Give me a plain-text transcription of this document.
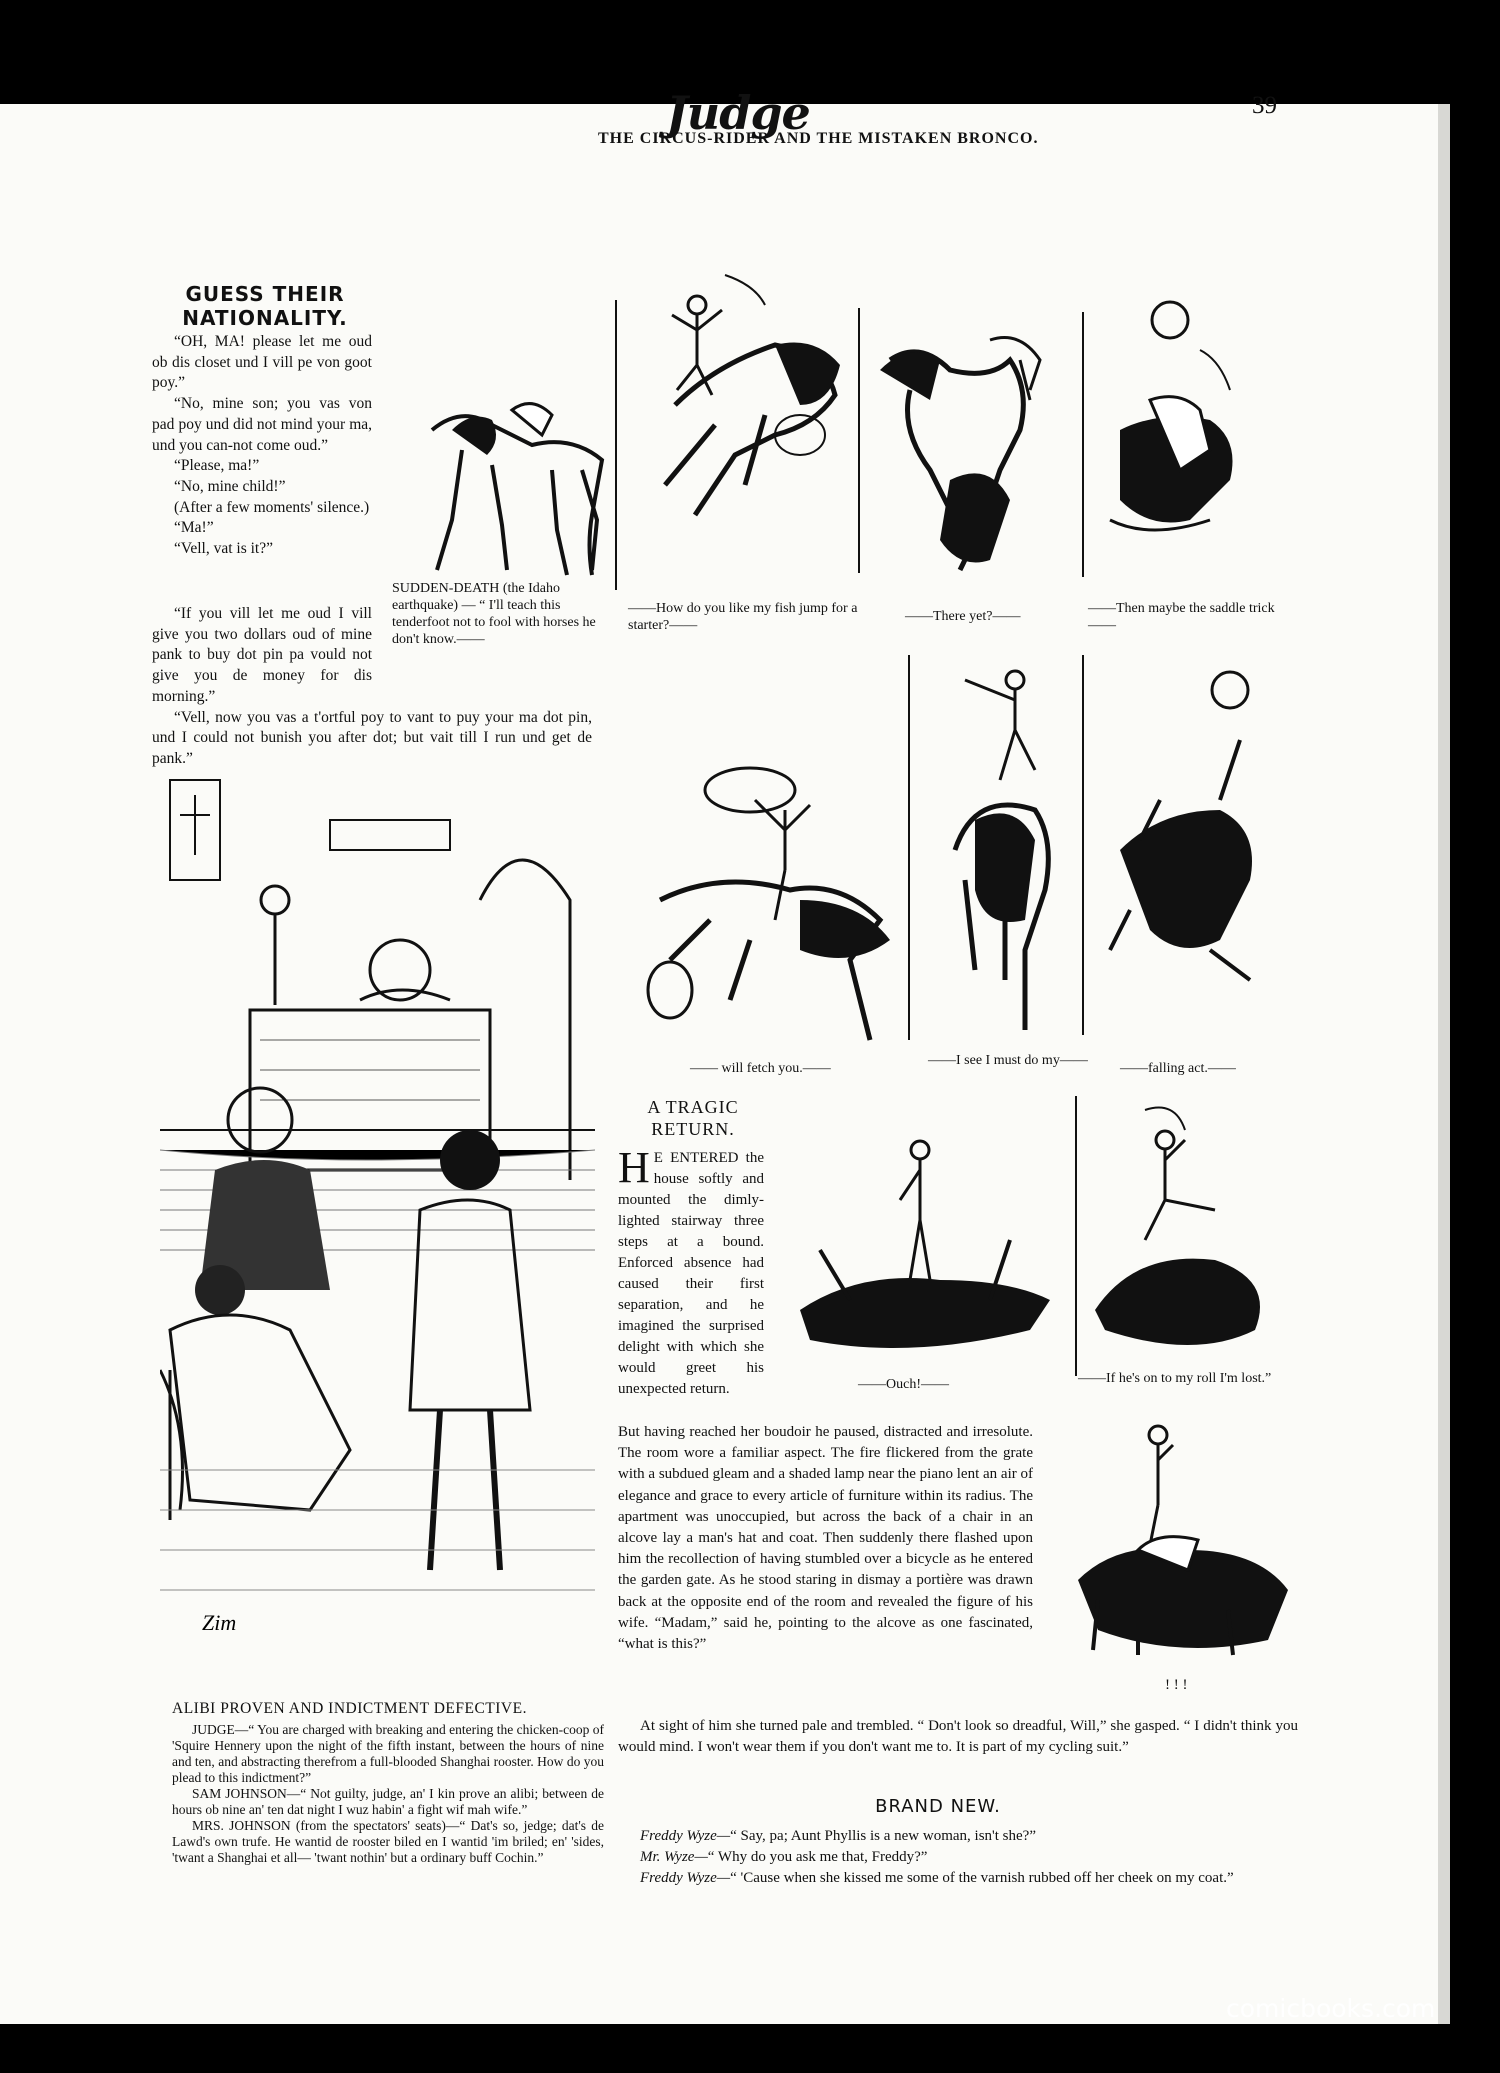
Judge	39
THE CIRCUS-RIDER AND THE MISTAKEN BRONCO.
GUESS THEIR
NATIONALITY.

“OH, MA! please let me oud ob dis closet und I vill pe von goot poy.”

“No, mine son; you vas von pad poy und did not mind your ma, und you can-not come oud.”

“Please, ma!”

“No, mine child!”

(After a few moments' silence.)

“Ma!”

“Vell, vat is it?”

“If you vill let me oud I vill give you two dollars oud of mine pank to buy dot pin pa vould not give you de money for dis morning.”

“Vell, now you vas a t'ortful poy to vant to puy your ma dot pin, und I could not bunish you after dot; but vait till I run und get de pank.”

SUDDEN-DEATH (the Idaho earthquake) — “ I'll teach this tenderfoot not to fool with horses he don't know.——
——How do you like my fish jump for a starter?——
——There yet?——
——Then maybe the saddle trick——
—— will fetch you.——
——I see I must do my——
——falling act.——
Zim
ALIBI PROVEN AND INDICTMENT DEFECTIVE.

JUDGE—“ You are charged with breaking and entering the chicken-coop of 'Squire Hennery upon the night of the fifth instant, between the hours of nine and ten, and abstracting therefrom a full-blooded Shanghai rooster. How do you plead to this indictment?”

SAM JOHNSON—“ Not guilty, judge, an' I kin prove an alibi; between de hours ob nine an' ten dat night I wuz habin' a fight wif mah wife.”

MRS. JOHNSON (from the spectators' seats)—“ Dat's so, jedge; dat's de Lawd's own trufe. He wantid de rooster biled en I wantid 'im briled; en' 'sides, 'twant a Shanghai et all— 'twant nothin' but a ordinary buff Cochin.”

A TRAGIC
RETURN.
H E ENTERED the house softly and mounted the dimly-lighted stairway three steps at a bound. Enforced absence had caused their first separation, and he imagined the surprised delight with which she would greet his unexpected return.
But having reached her boudoir he paused, distracted and irresolute. The room wore a familiar aspect. The fire flickered from the grate with a subdued gleam and a shaded lamp near the piano lent an air of elegance and grace to every article of furniture within its radius. The apartment was unoccupied, but across the back of a chair in an alcove lay a man's hat and coat. Then suddenly there flashed upon him the recollection of having stumbled over a bicycle as he entered the garden gate. As he stood staring in dismay a portière was drawn back at the opposite end of the room and revealed the figure of his wife. “Madam,” said he, pointing to the alcove as one fascinated, “what is this?”

At sight of him she turned pale and trembled. “ Don't look so dreadful, Will,” she gasped. “ I didn't think you would mind. I won't wear them if you don't want me to. It is part of my cycling suit.”

——Ouch!——	——If he's on to my roll I'm lost.”
! ! !
BRAND NEW.

Freddy Wyze—“ Say, pa; Aunt Phyllis is a new woman, isn't she?”

Mr. Wyze—“ Why do you ask me that, Freddy?”

Freddy Wyze—“ 'Cause when she kissed me some of the varnish rubbed off her cheek on my coat.”

comicbooks.com
